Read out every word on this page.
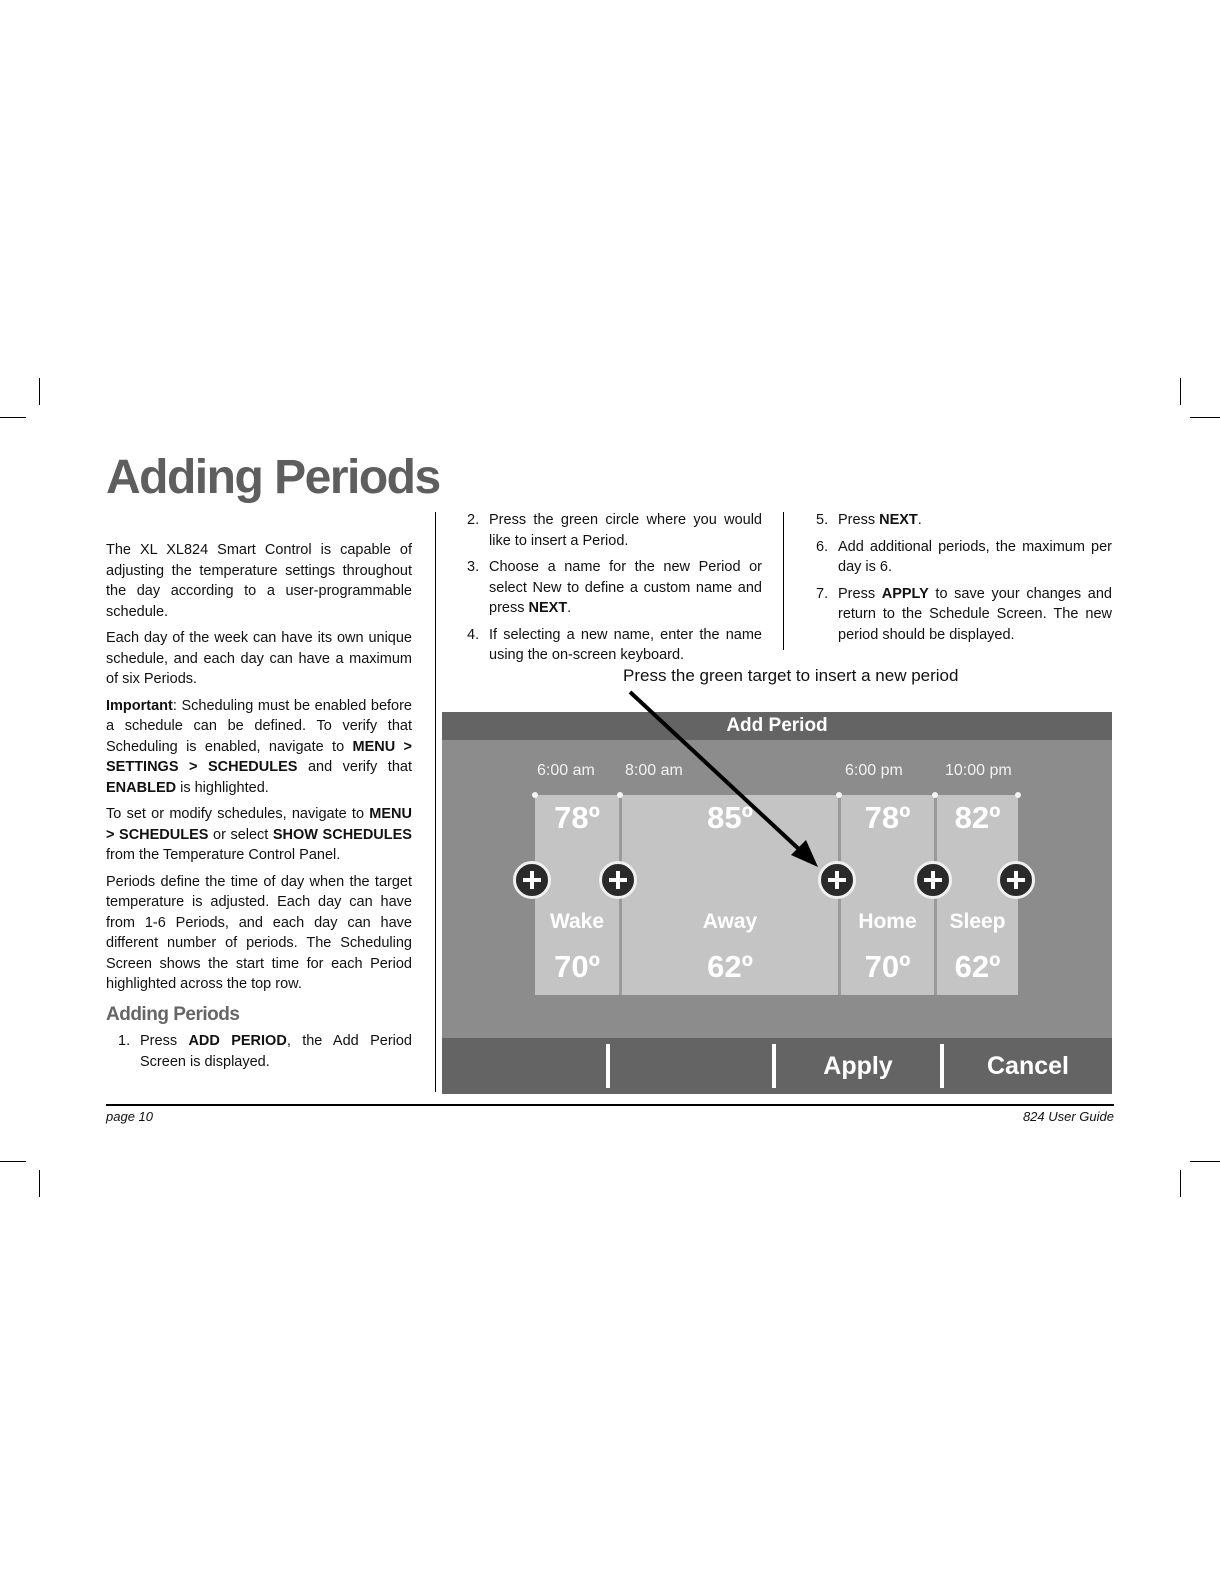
Adding Periods

The XL XL824 Smart Control is capable of adjusting the temperature settings throughout the day according to a user-programmable schedule.

Each day of the week can have its own unique schedule, and each day can have a maximum of six Periods.

Important: Scheduling must be enabled before a schedule can be defined. To verify that Scheduling is enabled, navigate to MENU > SETTINGS > SCHEDULES and verify that ENABLED is highlighted.

To set or modify schedules, navigate to MENU > SCHEDULES or select SHOW SCHEDULES from the Temperature Control Panel.

Periods define the time of day when the target temperature is adjusted. Each day can have from 1-6 Periods, and each day can have different number of periods. The Scheduling Screen shows the start time for each Period highlighted across the top row.

Adding Periods
1. Press ADD PERIOD, the Add Period Screen is displayed.
2. Press the green circle where you would like to insert a Period.
3. Choose a name for the new Period or select New to define a custom name and press NEXT.
4. If selecting a new name, enter the name using the on-screen keyboard.
5. Press NEXT.
6. Add additional periods, the maximum per day is 6.
7. Press APPLY to save your changes and return to the Schedule Screen. The new period should be displayed.
Press the green target to insert a new period
Add Period
6:00 am 8:00 am	6:00 pm	10:00 pm
78º	85º	78º	82º
Wake	Away	Home	Sleep
70º	62º	70º	62º
Apply	Cancel
page 10	824 User Guide
